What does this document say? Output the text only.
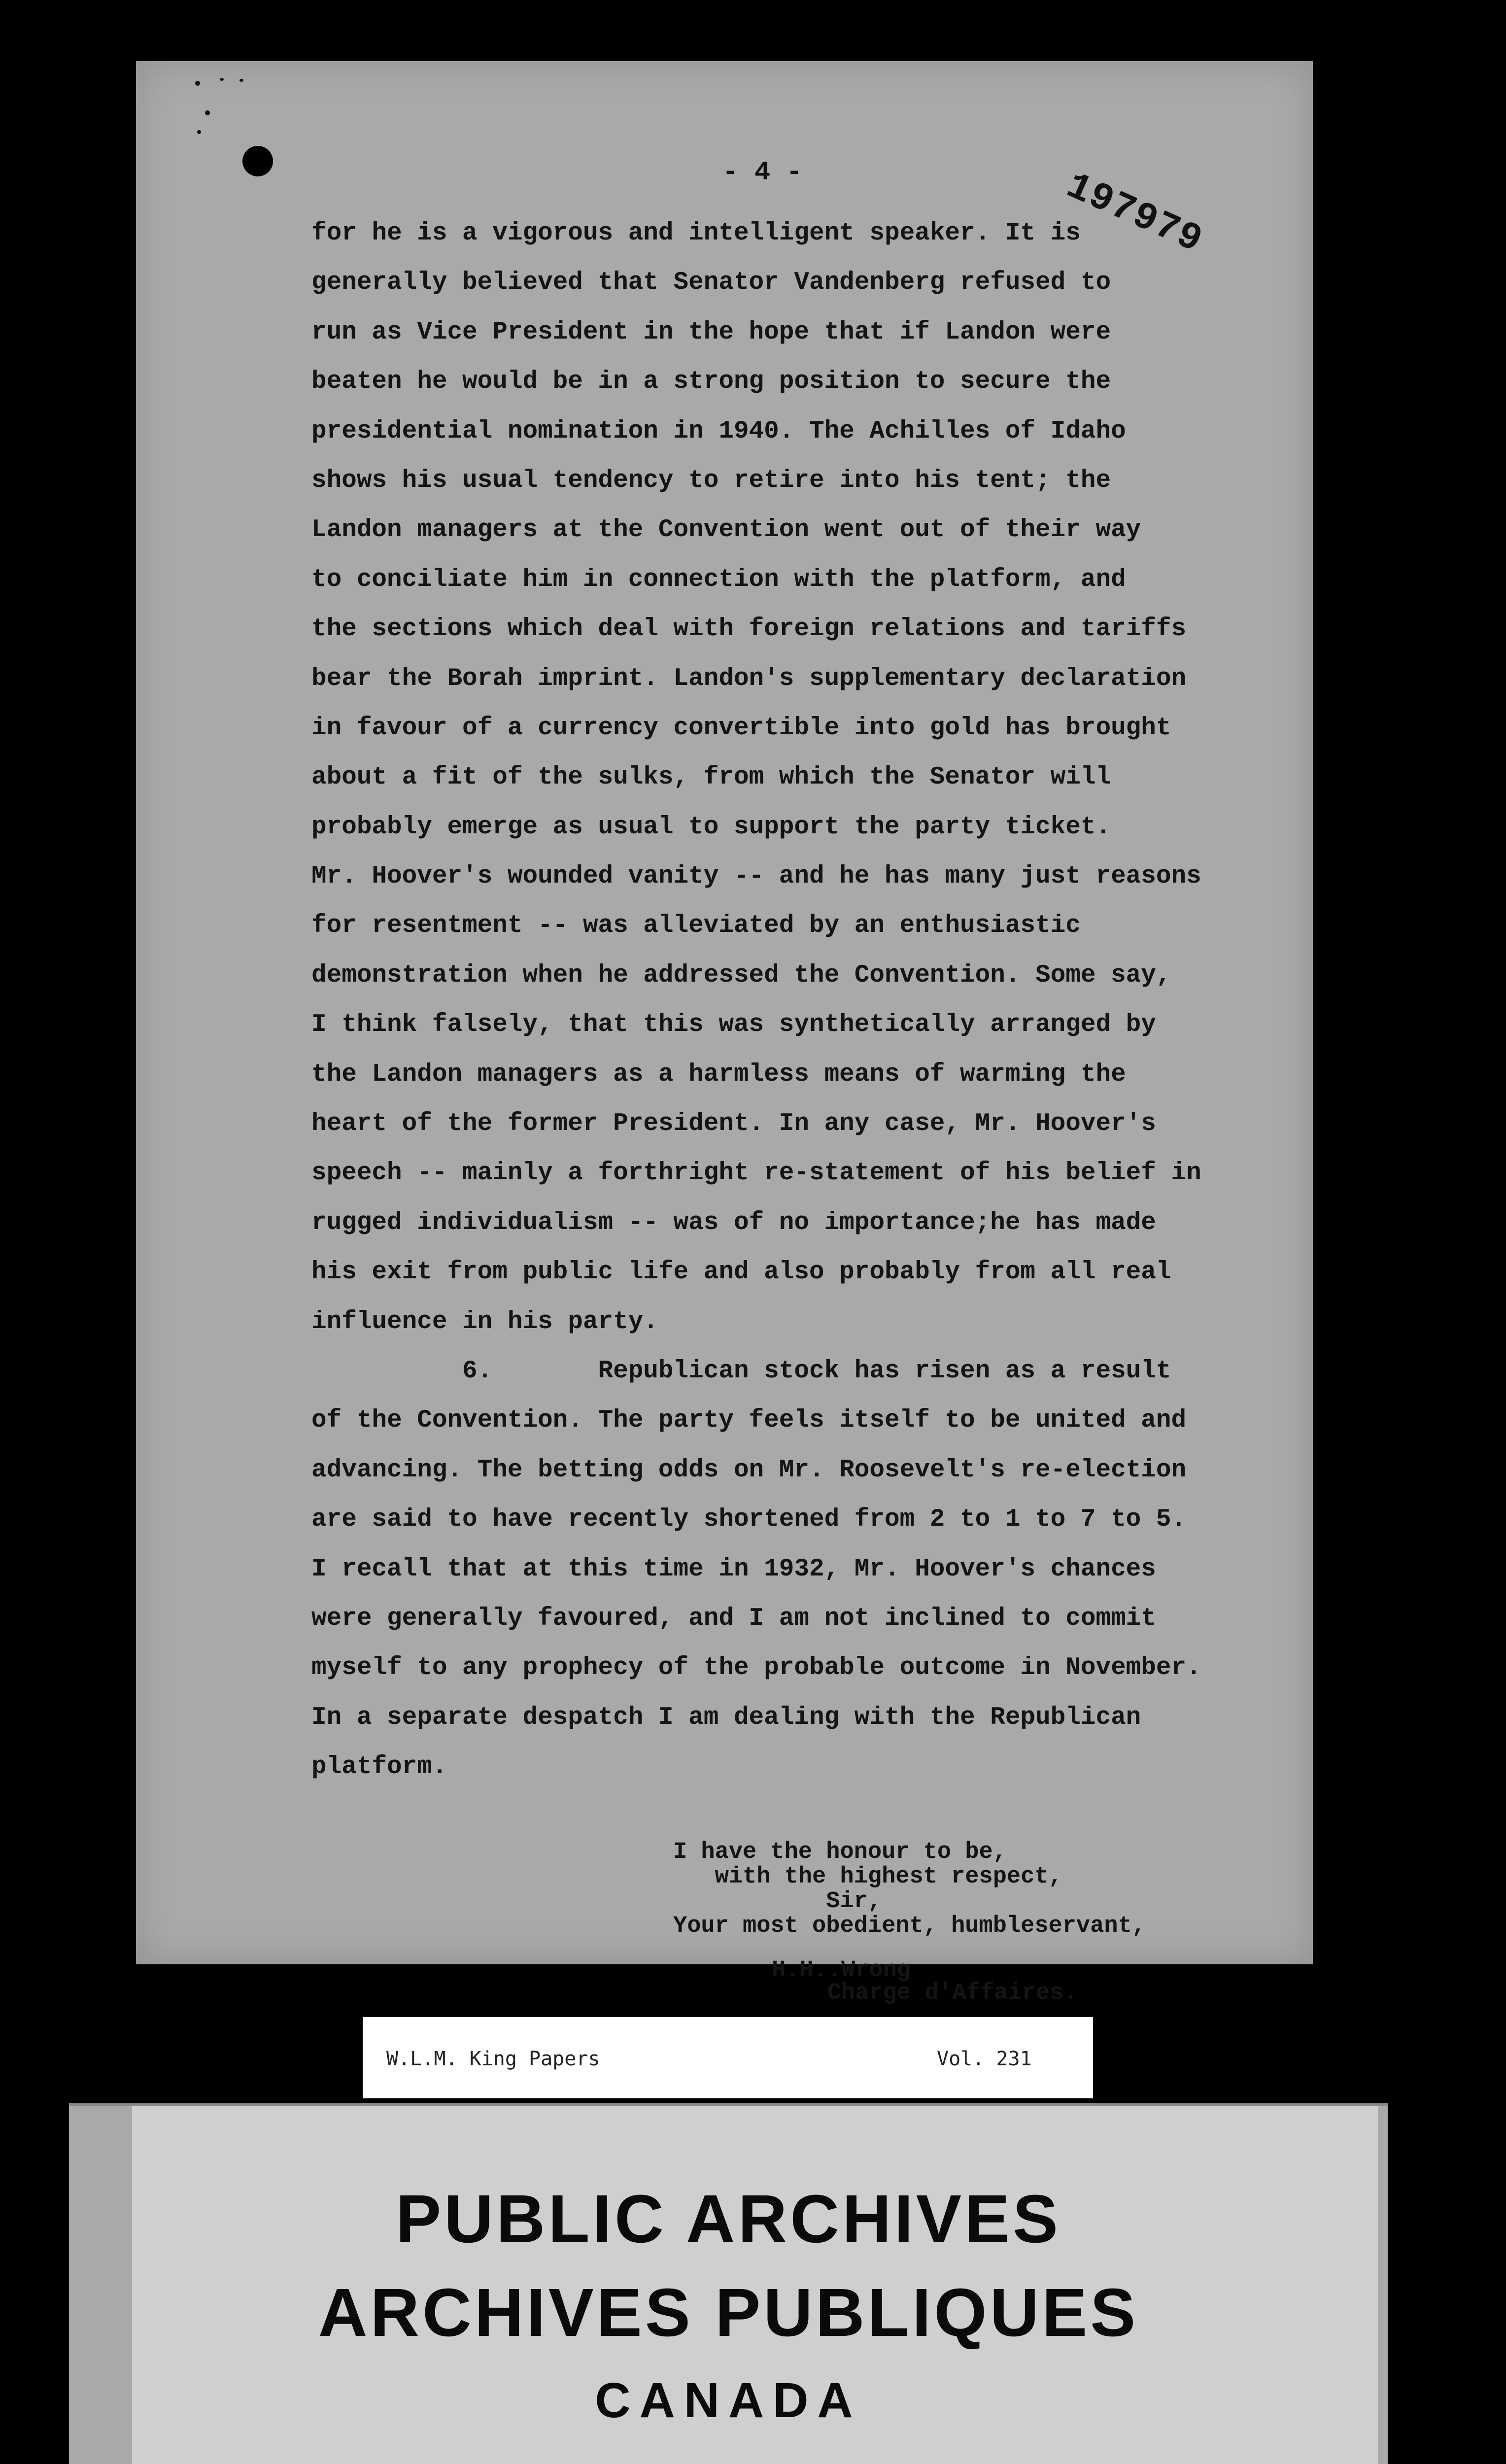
- 4 -	197979
for he is a vigorous and intelligent speaker. It is
generally believed that Senator Vandenberg refused to
run as Vice President in the hope that if Landon were
beaten he would be in a strong position to secure the
presidential nomination in 1940. The Achilles of Idaho
shows his usual tendency to retire into his tent; the
Landon managers at the Convention went out of their way
to conciliate him in connection with the platform, and
the sections which deal with foreign relations and tariffs
bear the Borah imprint. Landon's supplementary declaration
in favour of a currency convertible into gold has brought
about a fit of the sulks, from which the Senator will
probably emerge as usual to support the party ticket.
Mr. Hoover's wounded vanity -- and he has many just reasons
for resentment -- was alleviated by an enthusiastic
demonstration when he addressed the Convention. Some say,
I think falsely, that this was synthetically arranged by
the Landon managers as a harmless means of warming the
heart of the former President. In any case, Mr. Hoover's
speech -- mainly a forthright re-statement of his belief in
rugged individualism -- was of no importance;he has made
his exit from public life and also probably from all real
influence in his party.
6.       Republican stock has risen as a result
of the Convention. The party feels itself to be united and
advancing. The betting odds on Mr. Roosevelt's re-election
are said to have recently shortened from 2 to 1 to 7 to 5.
I recall that at this time in 1932, Mr. Hoover's chances
were generally favoured, and I am not inclined to commit
myself to any prophecy of the probable outcome in November.
In a separate despatch I am dealing with the Republican
platform.
I have the honour to be,
with the highest respect,
Sir,
Your most obedient, humbleservant,
H.H..Wrong
Charge d'Affaires.
W.L.M. King Papers	Vol. 231
PUBLIC ARCHIVES
ARCHIVES PUBLIQUES
CANADA
